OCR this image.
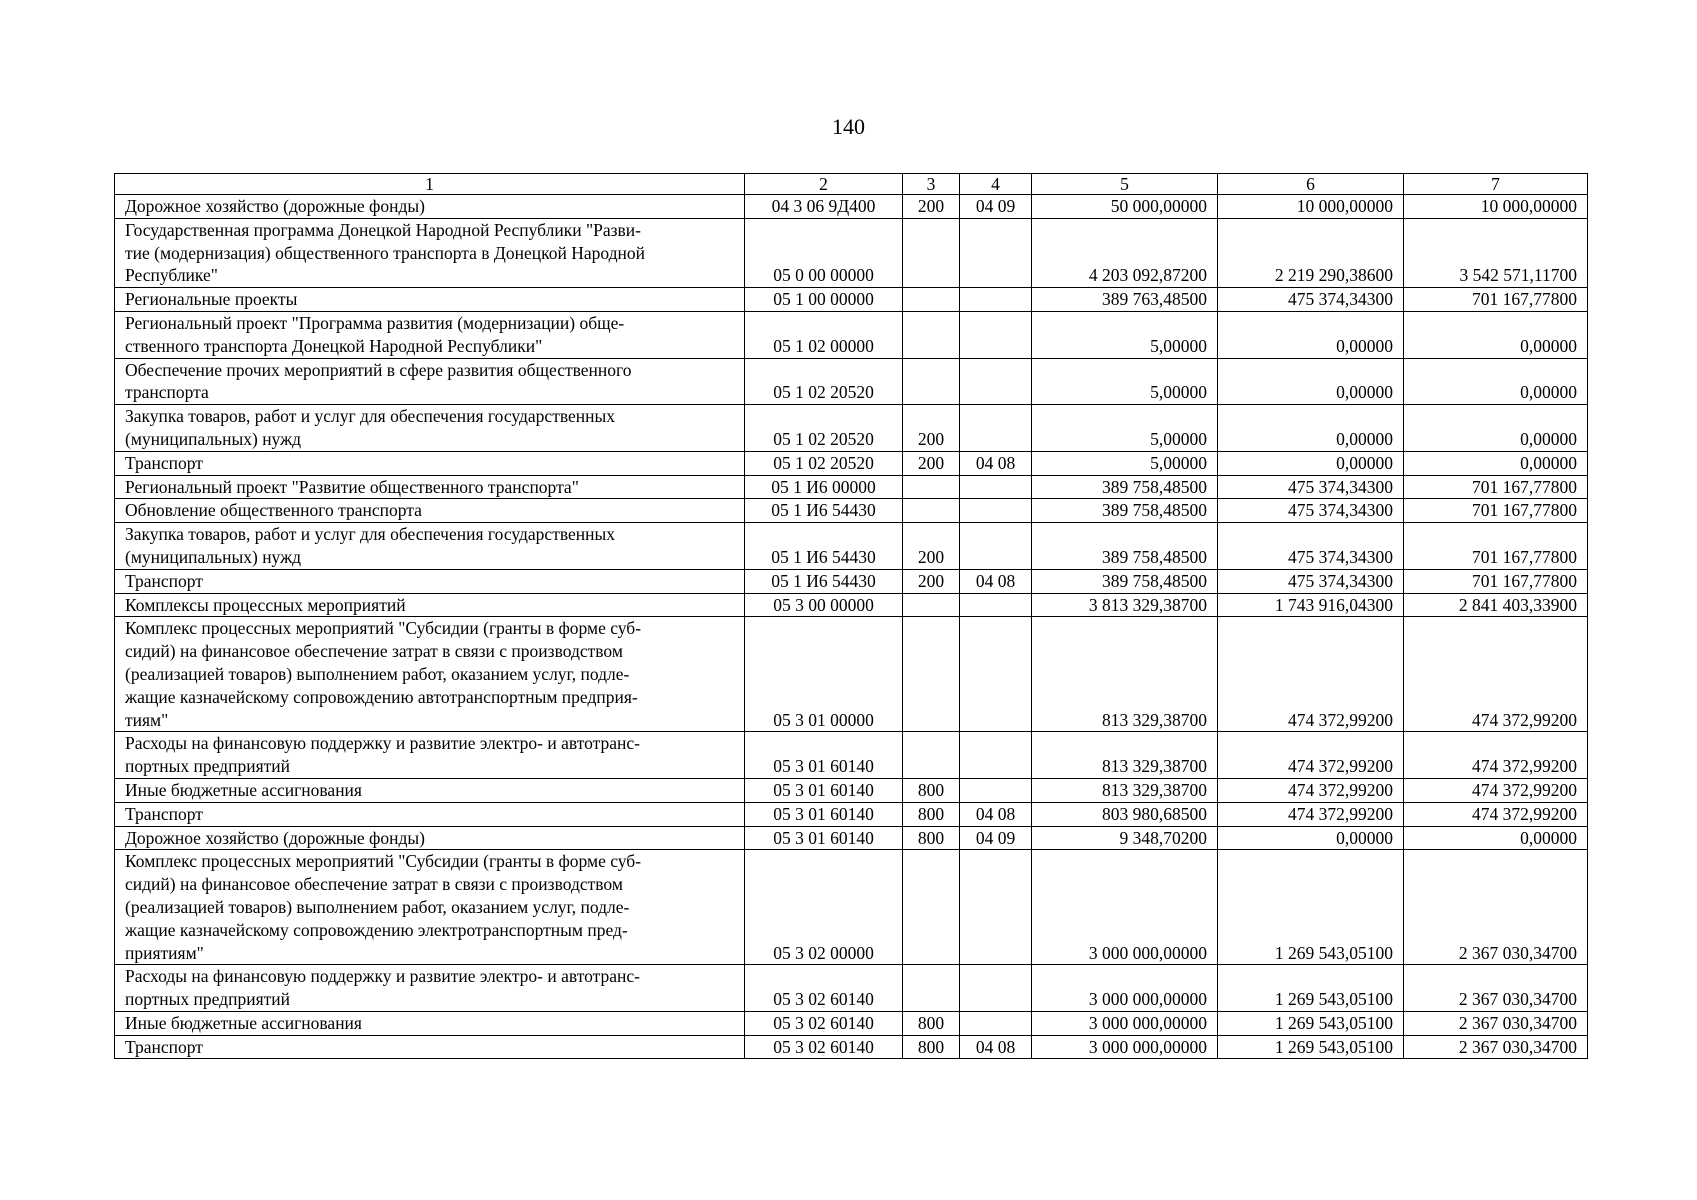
140
1	2	3	4	5	6	7
Дорожное хозяйство (дорожные фонды)	04 3 06 9Д400	200	04 09	50 000,00000	10 000,00000	10 000,00000
Государственная программа Донецкой Народной Республики "Разви-
тие (модернизация) общественного транспорта в Донецкой Народной
Республике"	05 0 00 00000			4 203 092,87200	2 219 290,38600	3 542 571,11700
Региональные проекты	05 1 00 00000			389 763,48500	475 374,34300	701 167,77800
Региональный проект "Программа развития (модернизации) обще-
ственного транспорта Донецкой Народной Республики"	05 1 02 00000			5,00000	0,00000	0,00000
Обеспечение прочих мероприятий в сфере развития общественного
транспорта	05 1 02 20520			5,00000	0,00000	0,00000
Закупка товаров, работ и услуг для обеспечения государственных
(муниципальных) нужд	05 1 02 20520	200		5,00000	0,00000	0,00000
Транспорт	05 1 02 20520	200	04 08	5,00000	0,00000	0,00000
Региональный проект "Развитие общественного транспорта"	05 1 И6 00000			389 758,48500	475 374,34300	701 167,77800
Обновление общественного транспорта	05 1 И6 54430			389 758,48500	475 374,34300	701 167,77800
Закупка товаров, работ и услуг для обеспечения государственных
(муниципальных) нужд	05 1 И6 54430	200		389 758,48500	475 374,34300	701 167,77800
Транспорт	05 1 И6 54430	200	04 08	389 758,48500	475 374,34300	701 167,77800
Комплексы процессных мероприятий	05 3 00 00000			3 813 329,38700	1 743 916,04300	2 841 403,33900
Комплекс процессных мероприятий "Субсидии (гранты в форме суб-
сидий) на финансовое обеспечение затрат в связи с производством
(реализацией товаров) выполнением работ, оказанием услуг, подле-
жащие казначейскому сопровождению автотранспортным предприя-
тиям"	05 3 01 00000			813 329,38700	474 372,99200	474 372,99200
Расходы на финансовую поддержку и развитие электро- и автотранс-
портных предприятий	05 3 01 60140			813 329,38700	474 372,99200	474 372,99200
Иные бюджетные ассигнования	05 3 01 60140	800		813 329,38700	474 372,99200	474 372,99200
Транспорт	05 3 01 60140	800	04 08	803 980,68500	474 372,99200	474 372,99200
Дорожное хозяйство (дорожные фонды)	05 3 01 60140	800	04 09	9 348,70200	0,00000	0,00000
Комплекс процессных мероприятий "Субсидии (гранты в форме суб-
сидий) на финансовое обеспечение затрат в связи с производством
(реализацией товаров) выполнением работ, оказанием услуг, подле-
жащие казначейскому сопровождению электротранспортным пред-
приятиям"	05 3 02 00000			3 000 000,00000	1 269 543,05100	2 367 030,34700
Расходы на финансовую поддержку и развитие электро- и автотранс-
портных предприятий	05 3 02 60140			3 000 000,00000	1 269 543,05100	2 367 030,34700
Иные бюджетные ассигнования	05 3 02 60140	800		3 000 000,00000	1 269 543,05100	2 367 030,34700
Транспорт	05 3 02 60140	800	04 08	3 000 000,00000	1 269 543,05100	2 367 030,34700
